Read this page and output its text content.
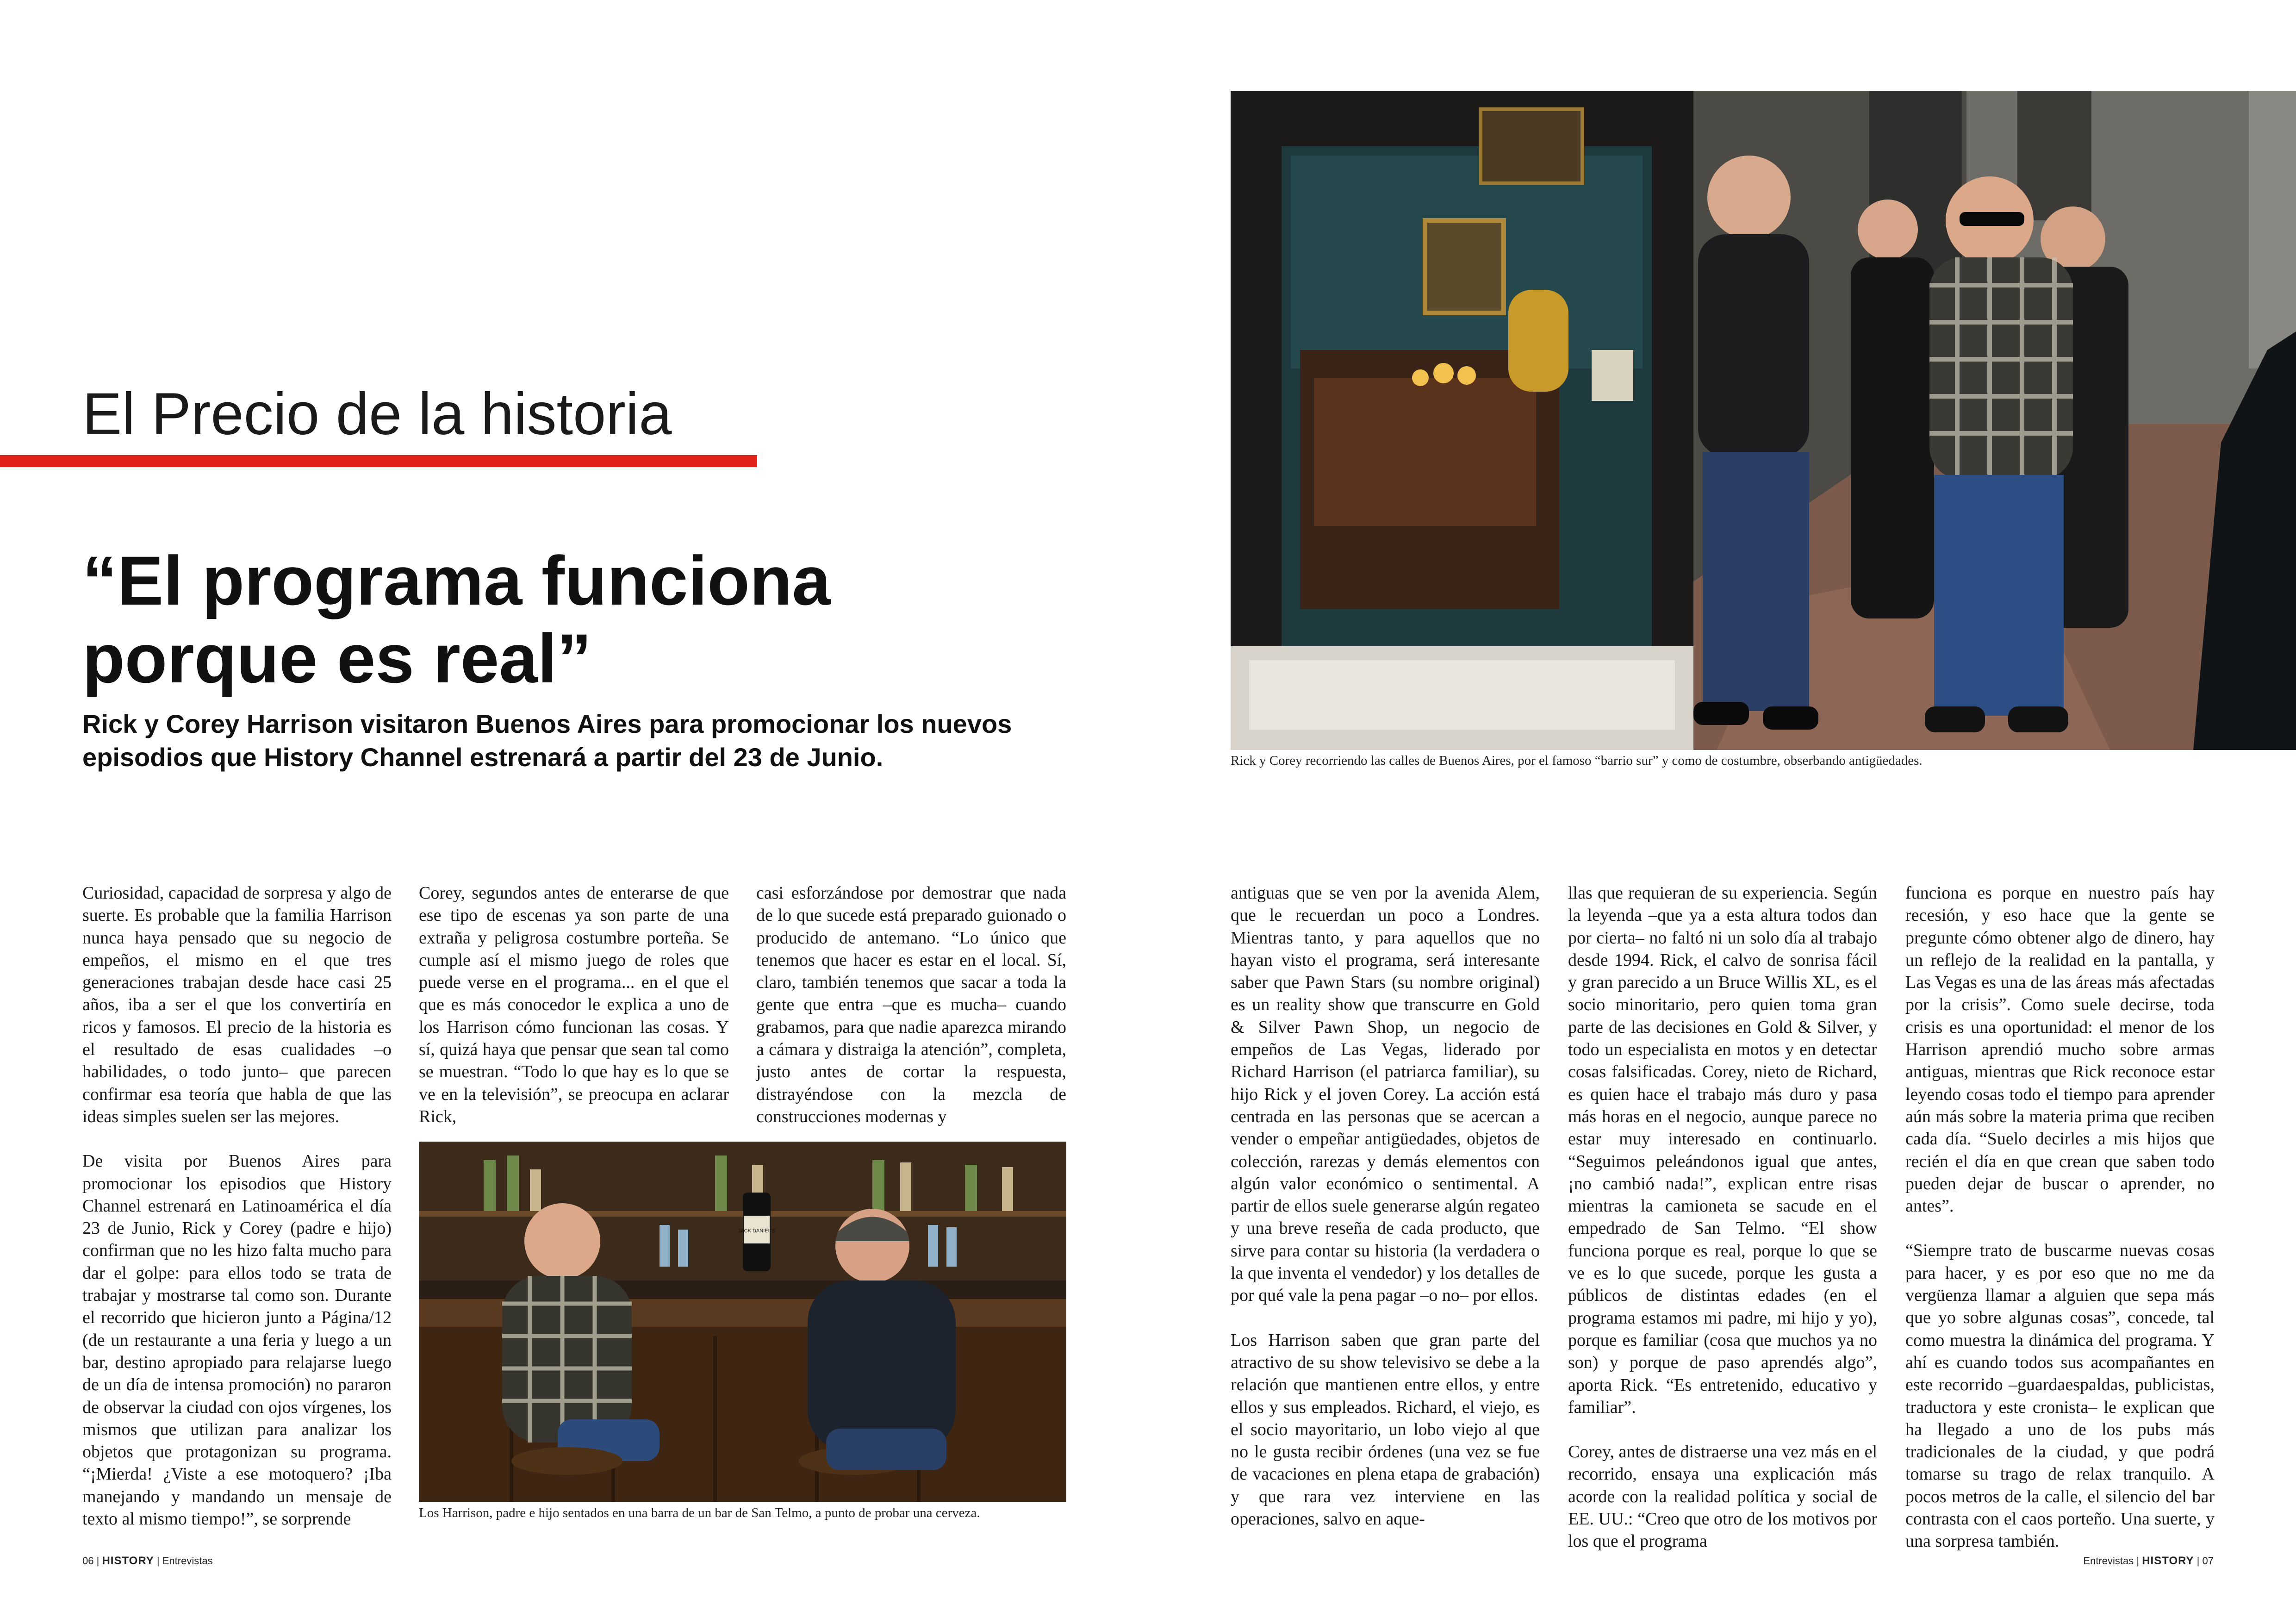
El Precio de la historia
“El programa funciona
porque es real”
Rick y Corey Harrison visitaron Buenos Aires para promocionar los nuevos episodios que History Channel estrenará a partir del 23 de Junio.	Rick y Corey recorriendo las calles de Buenos Aires, por el famoso “barrio sur” y como de costumbre, obserbando antigüedades.

Curiosidad, capacidad de sorpresa y algo de suerte. Es probable que la familia Harrison nunca haya pensado que su negocio de empeños, el mismo en el que tres generaciones trabajan desde hace casi 25 años, iba a ser el que los convertiría en ricos y famosos. El precio de la historia es el resultado de esas cualidades –o habilidades, o todo junto– que parecen confirmar esa teoría que habla de que las ideas simples suelen ser las mejores.

De visita por Buenos Aires para promocionar los episodios que History Channel estrenará en Latinoamérica el día 23 de Junio, Rick y Corey (padre e hijo) confirman que no les hizo falta mucho para dar el golpe: para ellos todo se trata de trabajar y mostrarse tal como son. Durante el recorrido que hicieron junto a Página/12 (de un restaurante a una feria y luego a un bar, destino apropiado para relajarse luego de un día de intensa promoción) no pararon de observar la ciudad con ojos vírgenes, los mismos que utilizan para analizar los objetos que protagonizan su programa. “¡Mierda! ¿Viste a ese motoquero? ¡Iba manejando y mandando un mensaje de texto al mismo tiempo!”, se sorprende

Corey, segundos antes de enterarse de que ese tipo de escenas ya son parte de una extraña y peligrosa costumbre porteña. Se cumple así el mismo juego de roles que puede verse en el programa... en el que el que es más conocedor le explica a uno de los Harrison cómo funcionan las cosas. Y sí, quizá haya que pensar que sean tal como se muestran. “Todo lo que hay es lo que se ve en la televisión”, se preocupa en aclarar Rick,

casi esforzándose por demostrar que nada de lo que sucede está preparado guionado o producido de antemano. “Lo único que tenemos que hacer es estar en el local. Sí, claro, también tenemos que sacar a toda la gente que entra –que es mucha– cuando grabamos, para que nadie aparezca mirando a cámara y distraiga la atención”, completa, justo antes de cortar la respuesta, distrayéndose con la mezcla de construcciones modernas y

JACK DANIEL'S
Los Harrison, padre e hijo sentados en una barra de un bar de San Telmo, a punto de probar una cerveza.

antiguas que se ven por la avenida Alem, que le recuerdan un poco a Londres. Mientras tanto, y para aquellos que no hayan visto el programa, será interesante saber que Pawn Stars (su nombre original) es un reality show que transcurre en Gold & Silver Pawn Shop, un negocio de empeños de Las Vegas, liderado por Richard Harrison (el patriarca familiar), su hijo Rick y el joven Corey. La acción está centrada en las personas que se acercan a vender o empeñar antigüedades, objetos de colección, rarezas y demás elementos con algún valor económico o sentimental. A partir de ellos suele generarse algún regateo y una breve reseña de cada producto, que sirve para contar su historia (la verdadera o la que inventa el vendedor) y los detalles de por qué vale la pena pagar –o no– por ellos.

Los Harrison saben que gran parte del atractivo de su show televisivo se debe a la relación que mantienen entre ellos, y entre ellos y sus empleados. Richard, el viejo, es el socio mayoritario, un lobo viejo al que no le gusta recibir órdenes (una vez se fue de vacaciones en plena etapa de grabación) y que rara vez interviene en las operaciones, salvo en aque-

llas que requieran de su experiencia. Según la leyenda –que ya a esta altura todos dan por cierta– no faltó ni un solo día al trabajo desde 1994. Rick, el calvo de sonrisa fácil y gran parecido a un Bruce Willis XL, es el socio minoritario, pero quien toma gran parte de las decisiones en Gold & Silver, y todo un especialista en motos y en detectar cosas falsificadas. Corey, nieto de Richard, es quien hace el trabajo más duro y pasa más horas en el negocio, aunque parece no estar muy interesado en continuarlo. “Seguimos peleándonos igual que antes, ¡no cambió nada!”, explican entre risas mientras la camioneta se sacude en el empedrado de San Telmo. “El show funciona porque es real, porque lo que se ve es lo que sucede, porque les gusta a públicos de distintas edades (en el programa estamos mi padre, mi hijo y yo), porque es familiar (cosa que muchos ya no son) y porque de paso aprendés algo”, aporta Rick. “Es entretenido, educativo y familiar”.

Corey, antes de distraerse una vez más en el recorrido, ensaya una explicación más acorde con la realidad política y social de EE. UU.: “Creo que otro de los motivos por los que el programa

funciona es porque en nuestro país hay recesión, y eso hace que la gente se pregunte cómo obtener algo de dinero, hay un reflejo de la realidad en la pantalla, y Las Vegas es una de las áreas más afectadas por la crisis”. Como suele decirse, toda crisis es una oportunidad: el menor de los Harrison aprendió mucho sobre armas antiguas, mientras que Rick reconoce estar leyendo cosas todo el tiempo para aprender aún más sobre la materia prima que reciben cada día. “Suelo decirles a mis hijos que recién el día en que crean que saben todo pueden dejar de buscar o aprender, no antes”.

“Siempre trato de buscarme nuevas cosas para hacer, y es por eso que no me da vergüenza llamar a alguien que sepa más que yo sobre algunas cosas”, concede, tal como muestra la dinámica del programa. Y ahí es cuando todos sus acompañantes en este recorrido –guardaespaldas, publicistas, traductora y este cronista– le explican que ha llegado a uno de los pubs más tradicionales de la ciudad, y que podrá tomarse su trago de relax tranquilo. A pocos metros de la calle, el silencio del bar contrasta con el caos porteño. Una suerte, y una sorpresa también.

06 | HISTORY | Entrevistas	Entrevistas | HISTORY | 07
